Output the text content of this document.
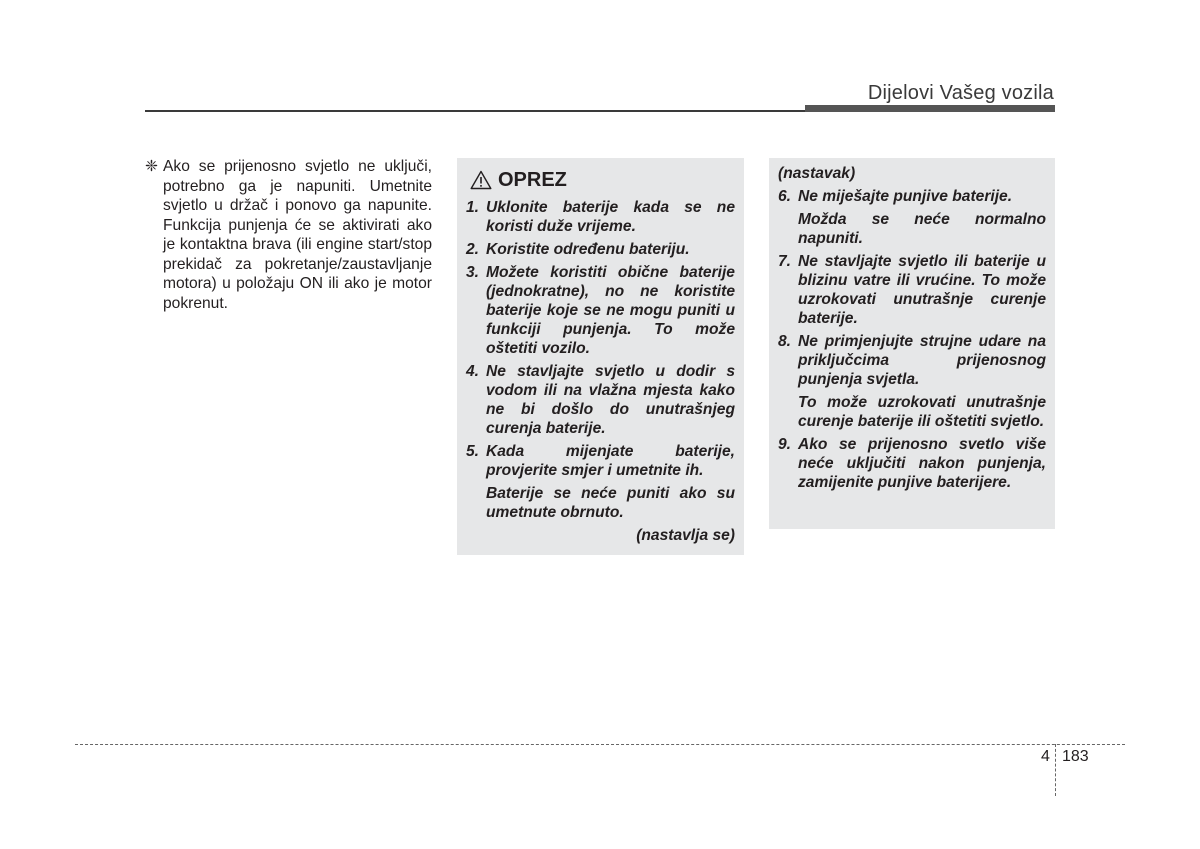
Dijelovi Vašeg vozila
❈ Ako se prijenosno svjetlo ne uključi, potrebno ga je napuniti. Umetnite svjetlo u držač i ponovo ga napunite. Funkcija punjenja će se aktivirati ako je kontaktna brava (ili engine start/stop prekidač za pokretanje/zaustavljanje motora) u položaju ON ili ako je motor pokrenut.
OPREZ
1. Uklonite baterije kada se ne koristi duže vrijeme.
2. Koristite određenu bateriju.
3. Možete koristiti obične baterije (jednokratne), no ne koristite baterije koje se ne mogu puniti u funkciji punjenja. To može oštetiti vozilo.
4. Ne stavljajte svjetlo u dodir s vodom ili na vlažna mjesta kako ne bi došlo do unutrašnjeg curenja baterije.
5. Kada mijenjate baterije, provjerite smjer i umetnite ih.
Baterije se neće puniti ako su umetnute obrnuto.
(nastavlja se)
(nastavak)
6. Ne miješajte punjive baterije.
Možda se neće normalno napuniti.
7. Ne stavljajte svjetlo ili baterije u blizinu vatre ili vrućine. To može uzrokovati unutrašnje curenje baterije.
8. Ne primjenjujte strujne udare na priključcima prijenosnog punjenja svjetla.
To može uzrokovati unutrašnje curenje baterije ili oštetiti svjetlo.
9. Ako se prijenosno svetlo više neće uključiti nakon punjenja, zamijenite punjive baterijere.
4 183
